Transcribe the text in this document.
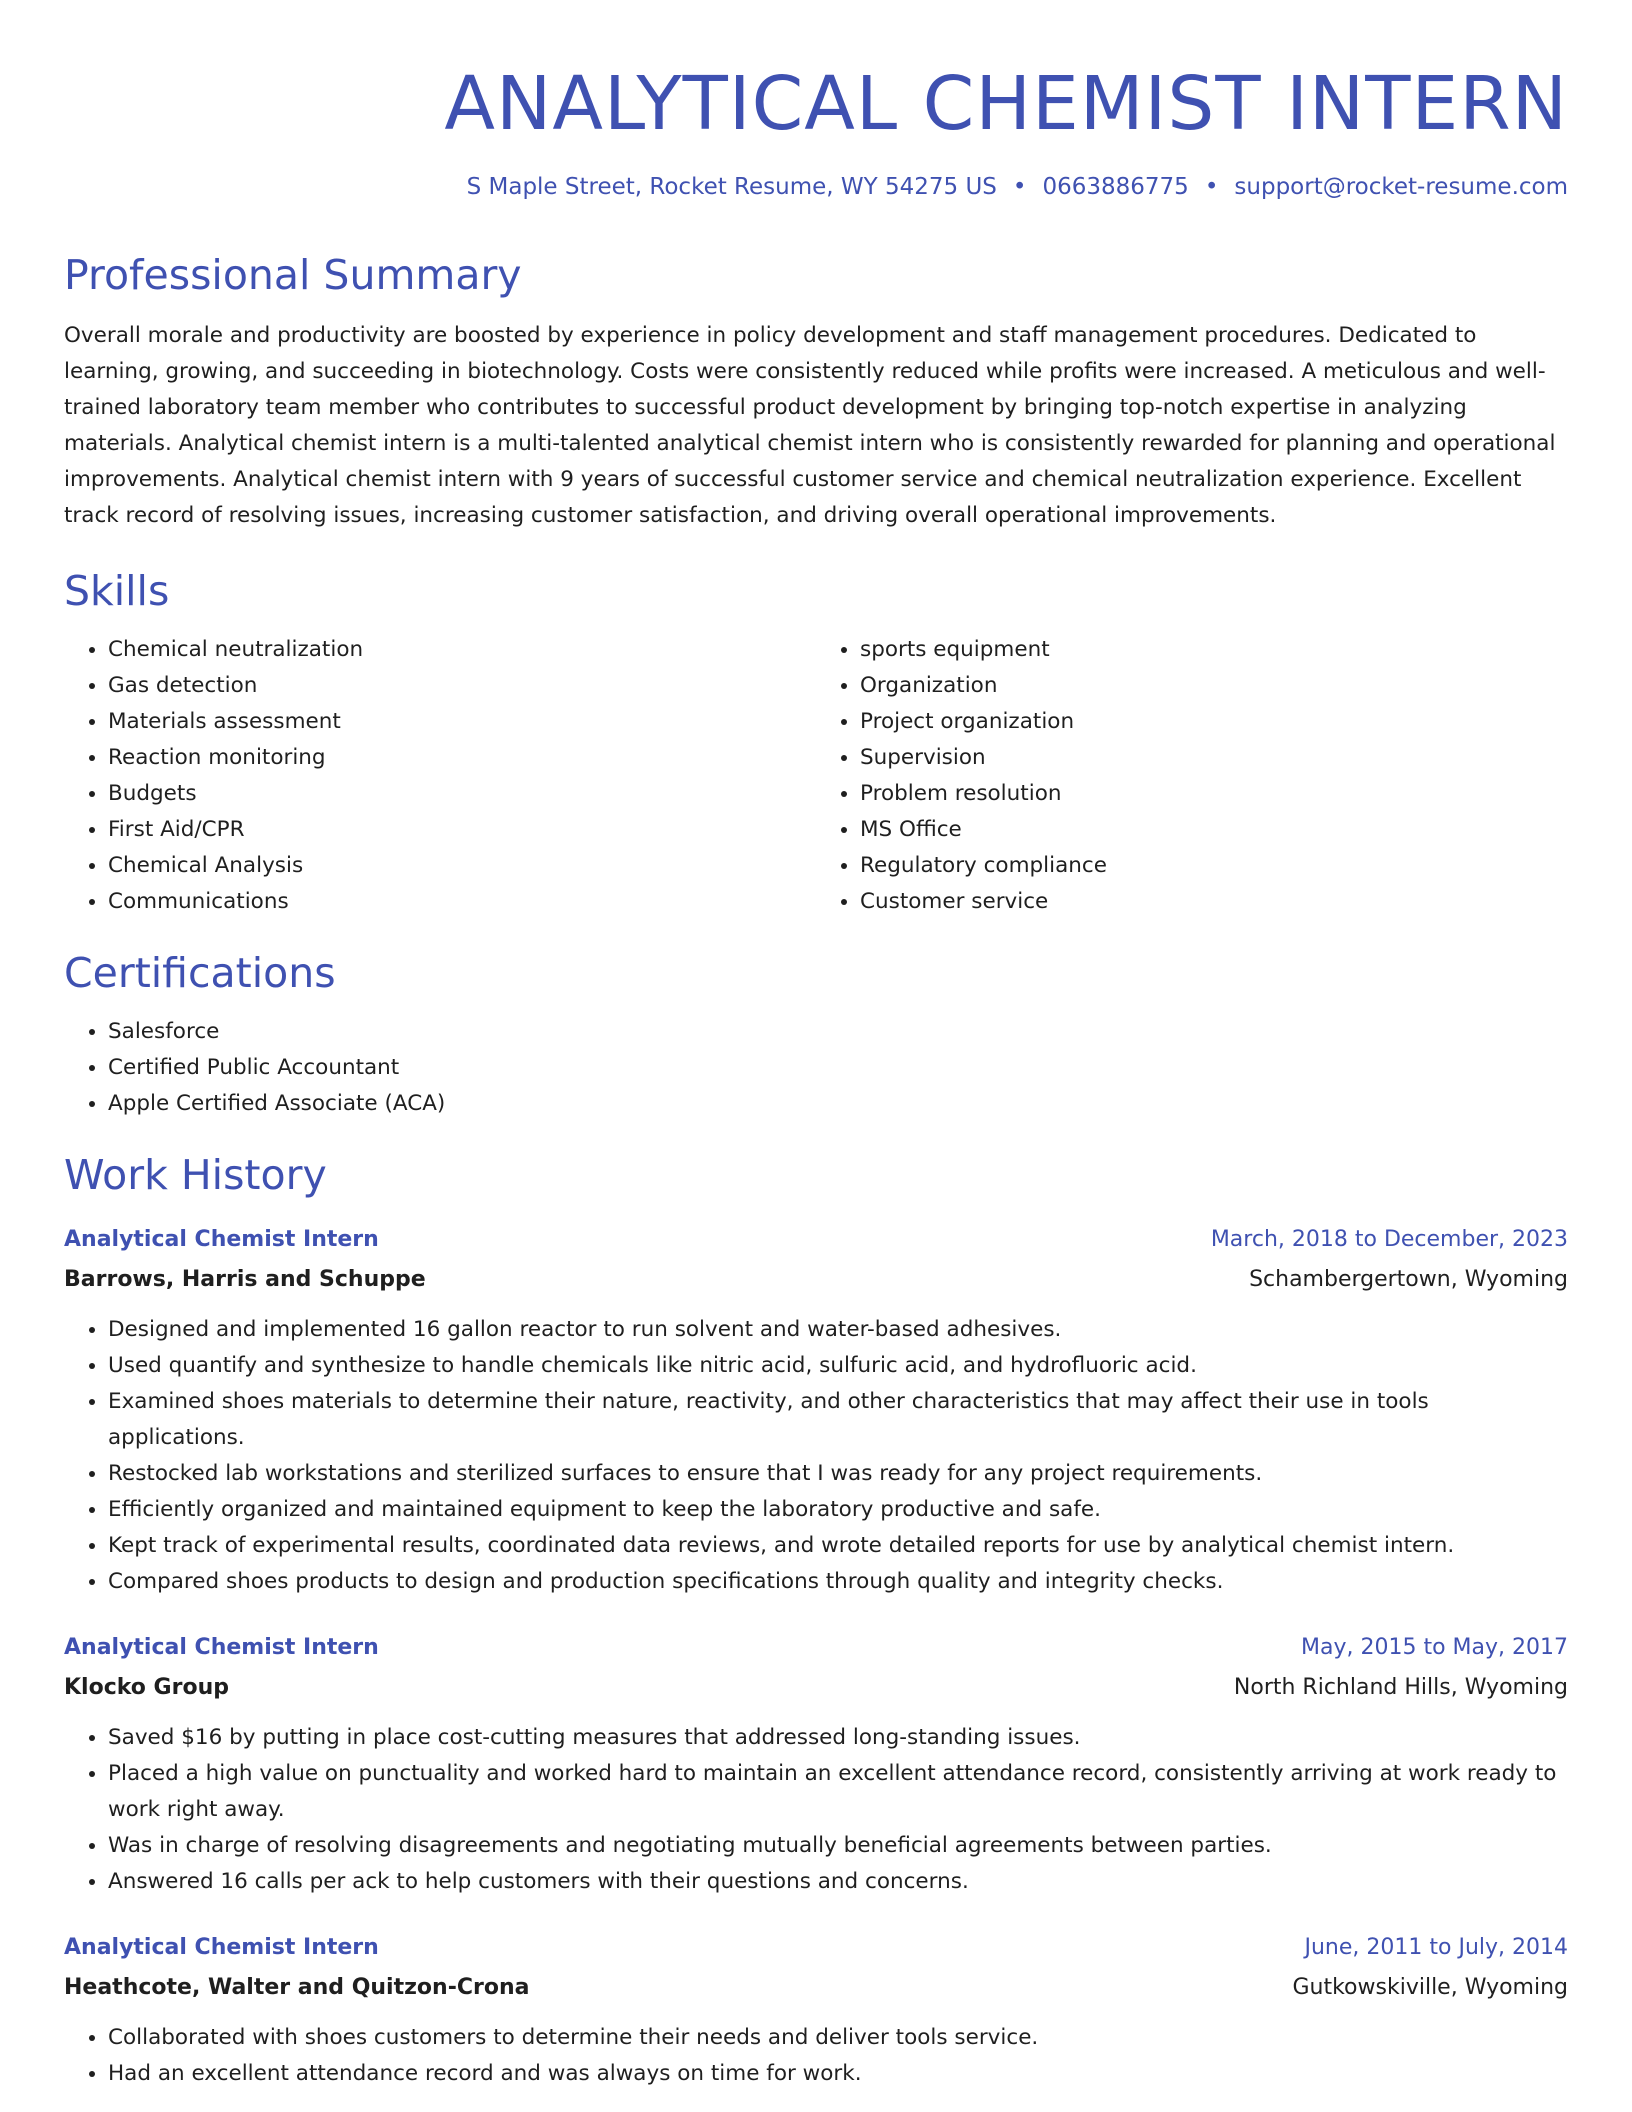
ANALYTICAL CHEMIST INTERN
S Maple Street, Rocket Resume, WY 54275 US • 0663886775 • support@rocket-resume.com
Professional Summary
Overall morale and productivity are boosted by experience in policy development and staff management procedures. Dedicated to learning, growing, and succeeding in biotechnology. Costs were consistently reduced while profits were increased. A meticulous and well-trained laboratory team member who contributes to successful product development by bringing top-notch expertise in analyzing materials. Analytical chemist intern is a multi-talented analytical chemist intern who is consistently rewarded for planning and operational improvements. Analytical chemist intern with 9 years of successful customer service and chemical neutralization experience. Excellent track record of resolving issues, increasing customer satisfaction, and driving overall operational improvements.
Skills
• Chemical neutralization
• Gas detection
• Materials assessment
• Reaction monitoring
• Budgets
• First Aid/CPR
• Chemical Analysis
• Communications
• sports equipment
• Organization
• Project organization
• Supervision
• Problem resolution
• MS Office
• Regulatory compliance
• Customer service
Certifications
• Salesforce
• Certified Public Accountant
• Apple Certified Associate (ACA)
Work History
Analytical Chemist Intern	March, 2018 to December, 2023
Barrows, Harris and Schuppe	Schambergertown, Wyoming
• Designed and implemented 16 gallon reactor to run solvent and water-based adhesives.
• Used quantify and synthesize to handle chemicals like nitric acid, sulfuric acid, and hydrofluoric acid.
• Examined shoes materials to determine their nature, reactivity, and other characteristics that may affect their use in tools applications.
• Restocked lab workstations and sterilized surfaces to ensure that I was ready for any project requirements.
• Efficiently organized and maintained equipment to keep the laboratory productive and safe.
• Kept track of experimental results, coordinated data reviews, and wrote detailed reports for use by analytical chemist intern.
• Compared shoes products to design and production specifications through quality and integrity checks.
Analytical Chemist Intern	May, 2015 to May, 2017
Klocko Group	North Richland Hills, Wyoming
• Saved $16 by putting in place cost-cutting measures that addressed long-standing issues.
• Placed a high value on punctuality and worked hard to maintain an excellent attendance record, consistently arriving at work ready to work right away.
• Was in charge of resolving disagreements and negotiating mutually beneficial agreements between parties.
• Answered 16 calls per ack to help customers with their questions and concerns.
Analytical Chemist Intern	June, 2011 to July, 2014
Heathcote, Walter and Quitzon-Crona	Gutkowskiville, Wyoming
• Collaborated with shoes customers to determine their needs and deliver tools service.
• Had an excellent attendance record and was always on time for work.
